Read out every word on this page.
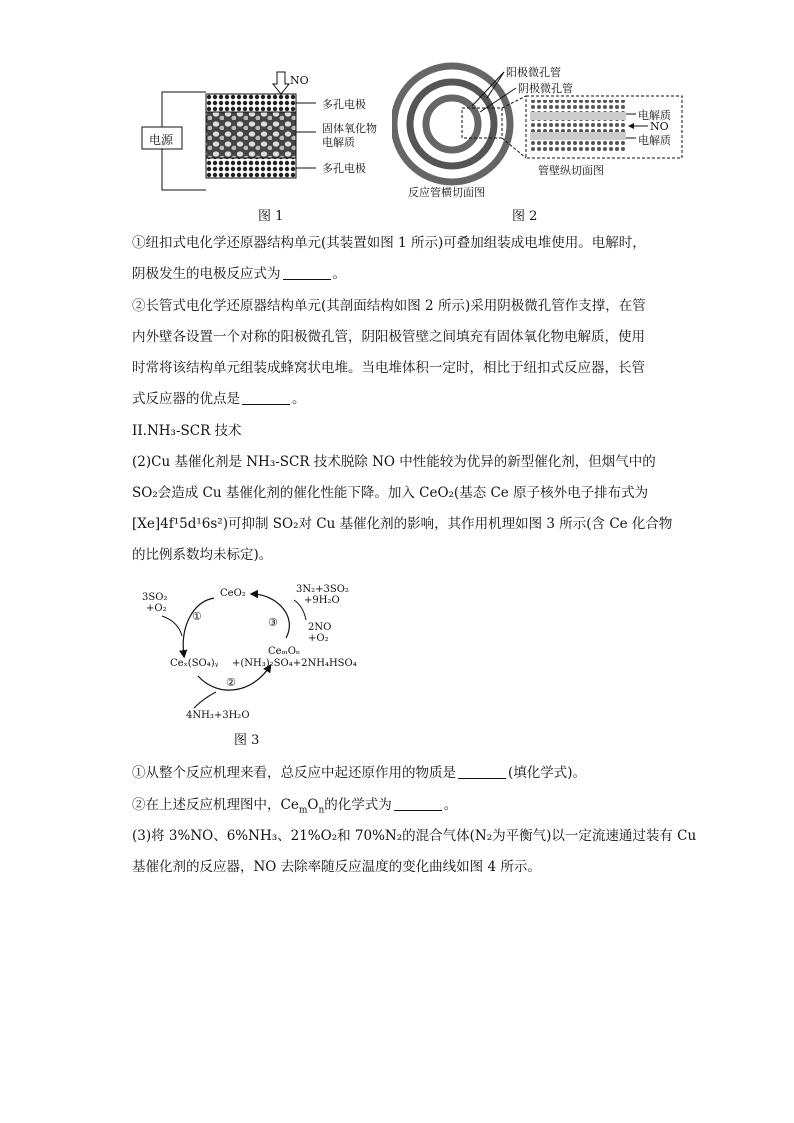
电源
NO
多孔电极
固体氧化物
电解质
多孔电极
图 1
阳极微孔管
阴极微孔管
电解质
NO
电解质
反应管横切面图
管壁纵切面图
图 2
①纽扣式电化学还原器结构单元(其装置如图 1 所示)可叠加组装成电堆使用。电解时，
阴极发生的电极反应式为	。
②长管式电化学还原器结构单元(其剖面结构如图 2 所示)采用阴极微孔管作支撑，在管
内外壁各设置一个对称的阳极微孔管，阴阳极管壁之间填充有固体氧化物电解质，使用
时常将该结构单元组装成蜂窝状电堆。当电堆体积一定时，相比于纽扣式反应器，长管
式反应器的优点是	。
II.NH₃-SCR 技术
(2)Cu 基催化剂是 NH₃-SCR 技术脱除 NO 中性能较为优异的新型催化剂，但烟气中的
SO₂会造成 Cu 基催化剂的催化性能下降。加入 CeO₂(基态 Ce 原子核外电子排布式为
[Xe]4f¹5d¹6s²)可抑制 SO₂对 Cu 基催化剂的影响，其作用机理如图 3 所示(含 Ce 化合物
的比例系数均未标定)。
CeO₂
3SO₂
+O₂
①
Ceₓ(SO₄)ᵧ +(NH₃)₂SO₄+2NH₄HSO₄
②
4NH₃+3H₂O
CeₘOₙ
③	2NO
+O₂
3N₂+3SO₂
+9H₂O
图 3
①从整个反应机理来看，总反应中起还原作用的物质是	(填化学式)。
②在上述反应机理图中，$Ce_mO_n$的化学式为	。
(3)将 3%NO、6%NH₃、21%O₂和 70%N₂的混合气体(N₂为平衡气)以一定流速通过装有 Cu
基催化剂的反应器，NO 去除率随反应温度的变化曲线如图 4 所示。
